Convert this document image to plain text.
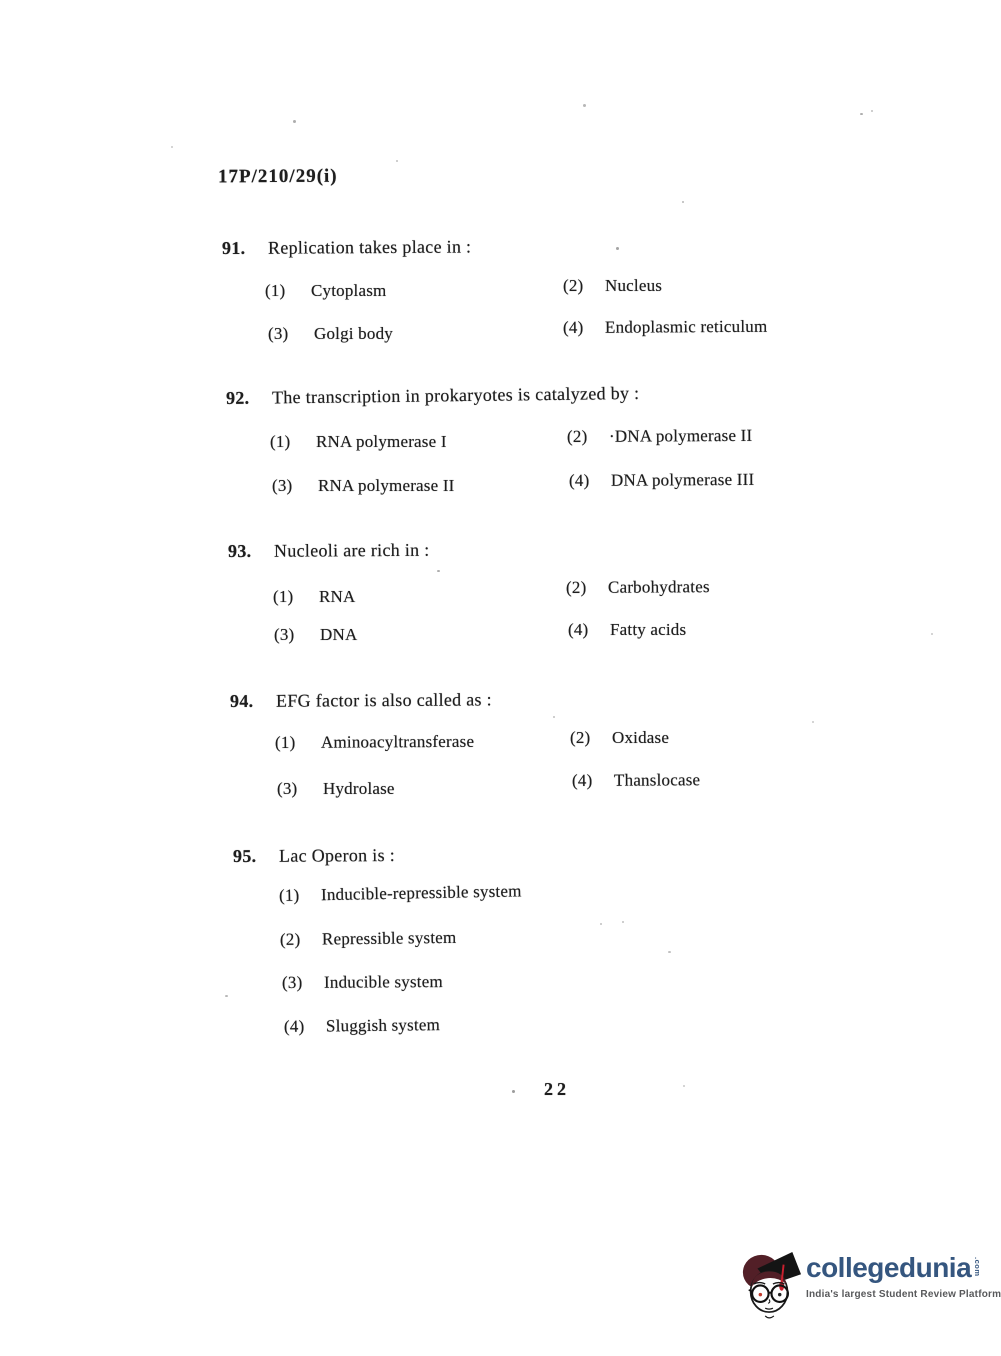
17P/210/29(i)
91.	Replication takes place in :
(1)	Cytoplasm	(2)	Nucleus
(3)	Golgi body	(4)	Endoplasmic reticulum
92.	The transcription in prokaryotes is catalyzed by :
(1)	RNA polymerase I	(2)	·DNA polymerase II
(3)	RNA polymerase II	(4)	DNA polymerase III
93.	Nucleoli are rich in :
(1)	RNA	(2)	Carbohydrates
(3)	DNA	(4)	Fatty acids
94.	EFG factor is also called as :
(1)	Aminoacyltransferase	(2)	Oxidase
(3)	Hydrolase	(4)	Thanslocase
95.	Lac Operon is :
(1)	Inducible-repressible system
(2)	Repressible system
(3)	Inducible system
(4)	Sluggish system
22
collegedunia .com
India's largest Student Review Platform
